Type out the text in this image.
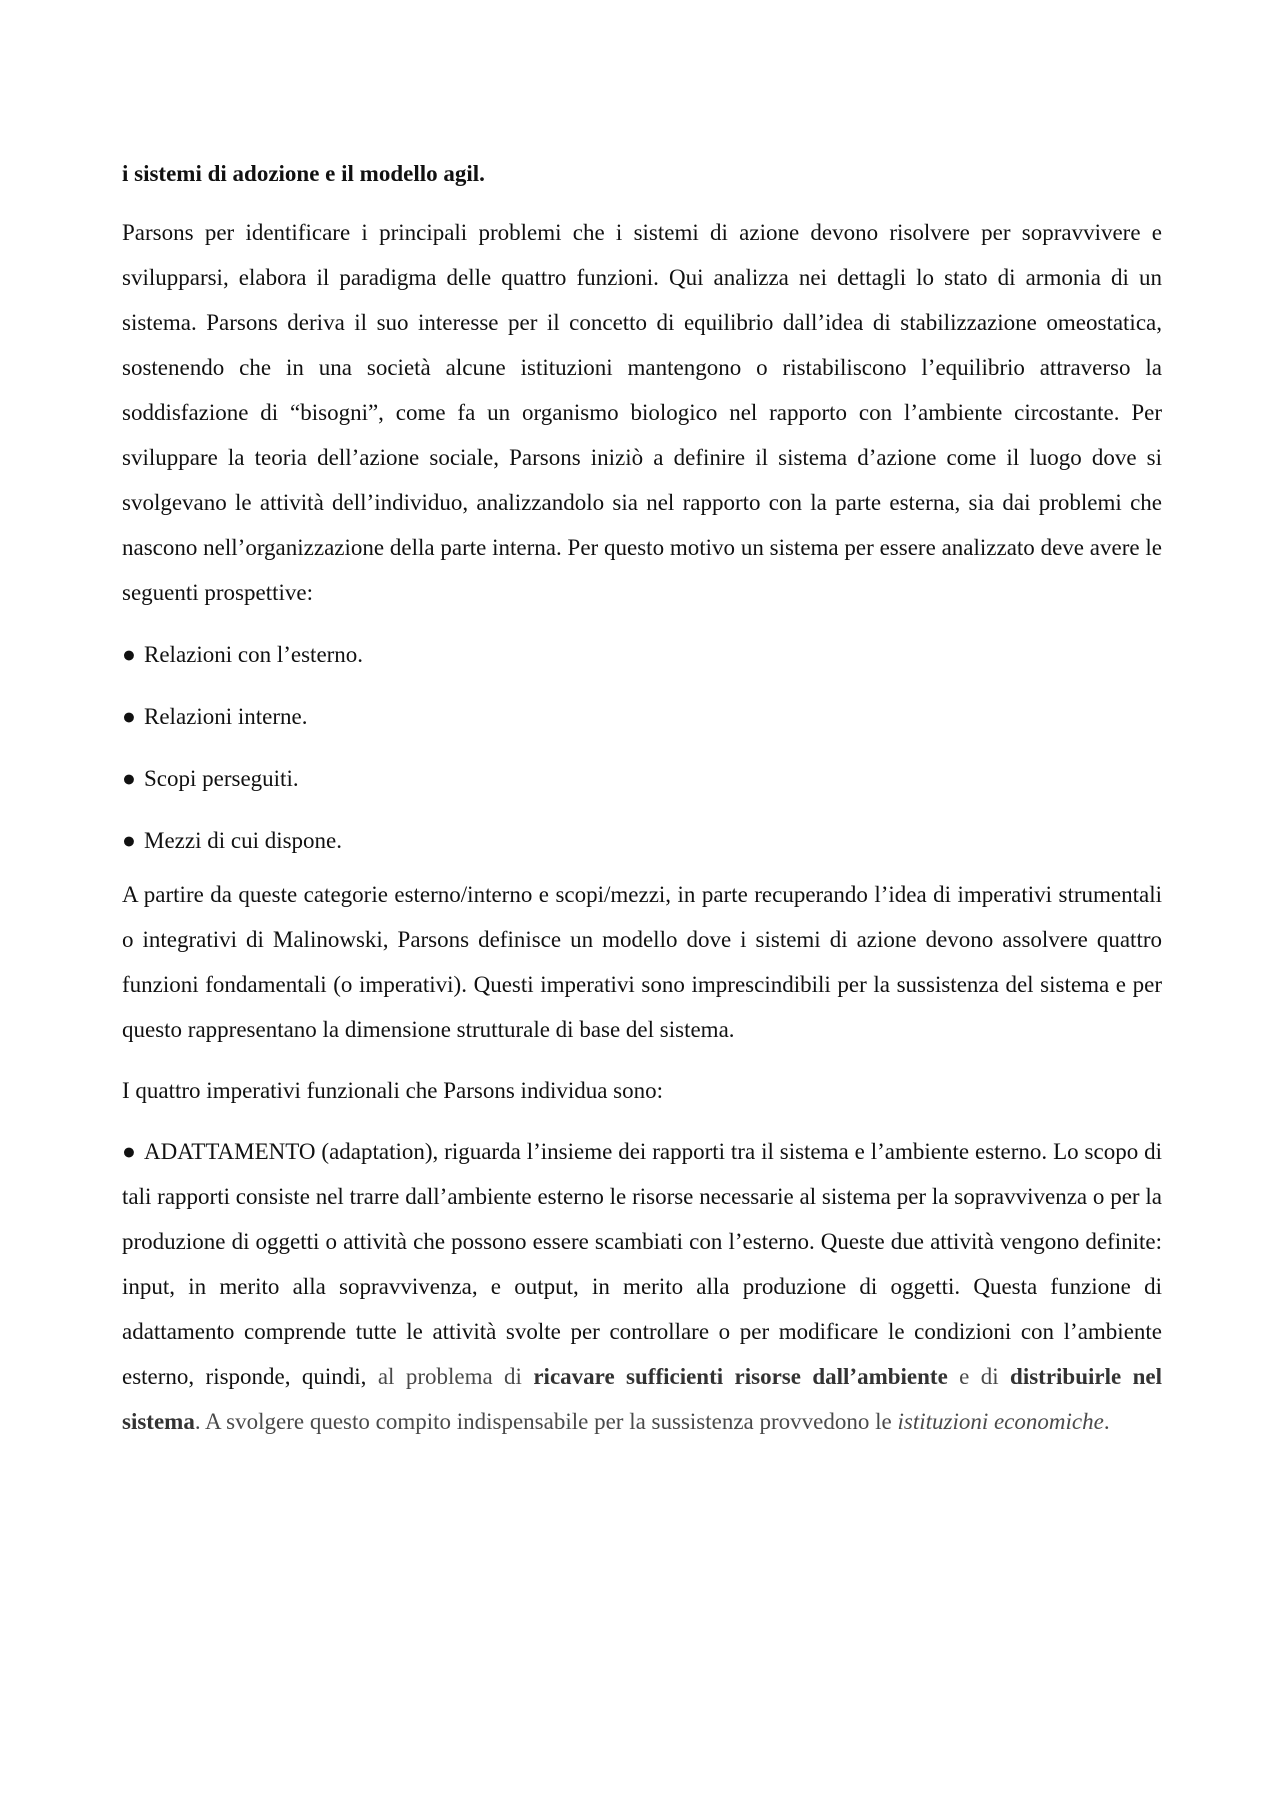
i sistemi di adozione e il modello agil.

Parsons per identificare i principali problemi che i sistemi di azione devono risolvere per sopravvivere e svilupparsi, elabora il paradigma delle quattro funzioni. Qui analizza nei dettagli lo stato di armonia di un sistema. Parsons deriva il suo interesse per il concetto di equilibrio dall’idea di stabilizzazione omeostatica, sostenendo che in una società alcune istituzioni mantengono o ristabiliscono l’equilibrio attraverso la soddisfazione di “bisogni”, come fa un organismo biologico nel rapporto con l’ambiente circostante. Per sviluppare la teoria dell’azione sociale, Parsons iniziò a definire il sistema d’azione come il luogo dove si svolgevano le attività dell’individuo, analizzandolo sia nel rapporto con la parte esterna, sia dai problemi che nascono nell’organizzazione della parte interna. Per questo motivo un sistema per essere analizzato deve avere le seguenti prospettive:

● Relazioni con l’esterno.
● Relazioni interne.
● Scopi perseguiti.
● Mezzi di cui dispone.

A partire da queste categorie esterno/interno e scopi/mezzi, in parte recuperando l’idea di imperativi strumentali o integrativi di Malinowski, Parsons definisce un modello dove i sistemi di azione devono assolvere quattro funzioni fondamentali (o imperativi). Questi imperativi sono imprescindibili per la sussistenza del sistema e per questo rappresentano la dimensione strutturale di base del sistema.

I quattro imperativi funzionali che Parsons individua sono:

● ADATTAMENTO (adaptation), riguarda l’insieme dei rapporti tra il sistema e l’ambiente esterno. Lo scopo di tali rapporti consiste nel trarre dall’ambiente esterno le risorse necessarie al sistema per la sopravvivenza o per la produzione di oggetti o attività che possono essere scambiati con l’esterno. Queste due attività vengono definite: input, in merito alla sopravvivenza, e output, in merito alla produzione di oggetti. Questa funzione di adattamento comprende tutte le attività svolte per controllare o per modificare le condizioni con l’ambiente esterno, risponde, quindi, al problema di ricavare sufficienti risorse dall’ambiente e di distribuirle nel sistema. A svolgere questo compito indispensabile per la sussistenza provvedono le istituzioni economiche.
